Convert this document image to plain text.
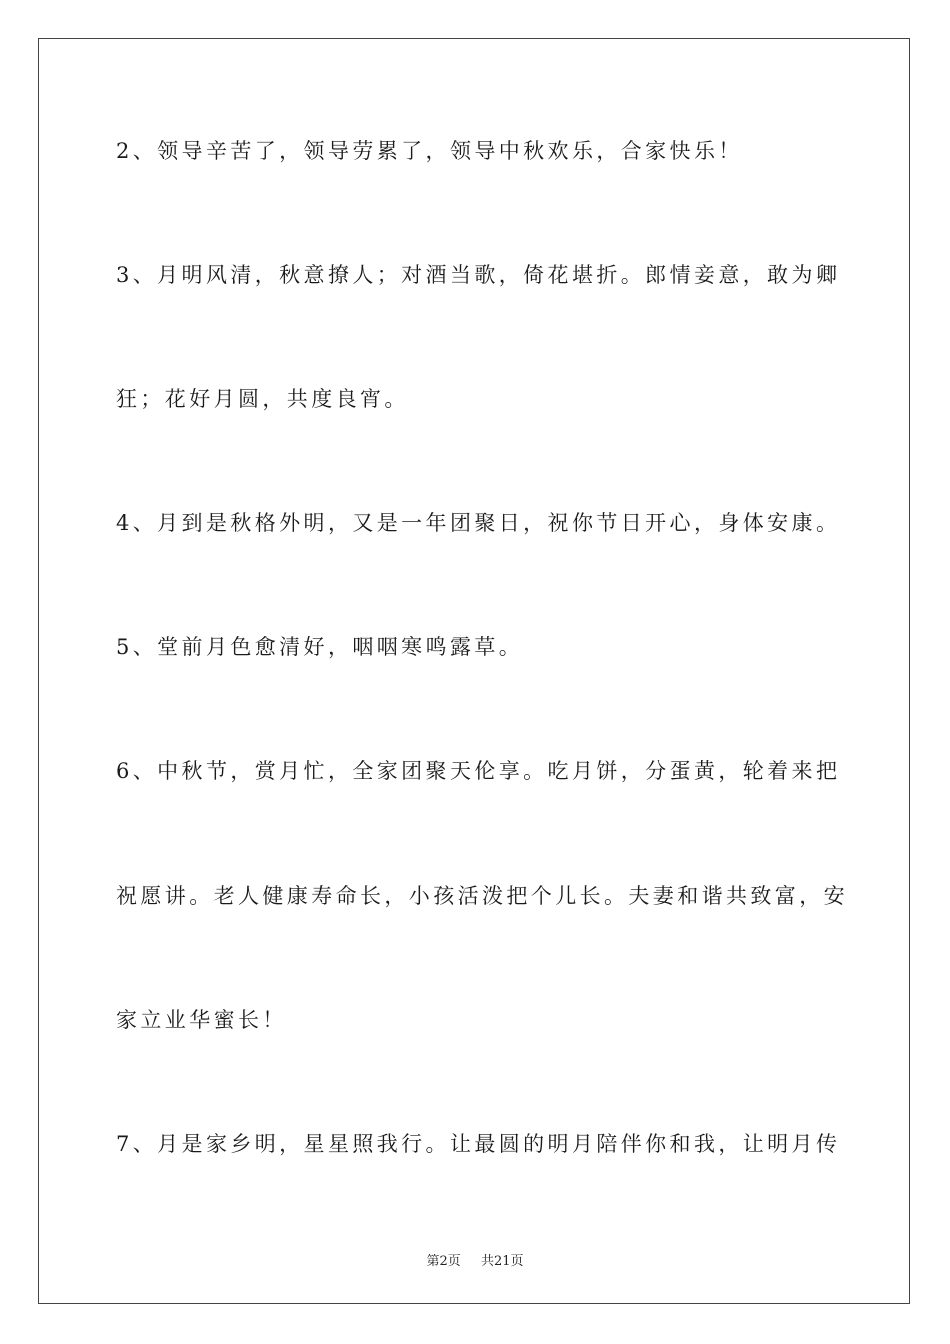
2、领导辛苦了，领导劳累了，领导中秋欢乐，合家快乐！
3、月明风清，秋意撩人；对酒当歌，倚花堪折。郎情妾意，敢为卿
狂；花好月圆，共度良宵。
4、月到是秋格外明，又是一年团聚日，祝你节日开心，身体安康。
5、堂前月色愈清好，咽咽寒鸣露草。
6、中秋节，赏月忙，全家团聚天伦享。吃月饼，分蛋黄，轮着来把
祝愿讲。老人健康寿命长，小孩活泼把个儿长。夫妻和谐共致富，安
家立业华蜜长！
7、月是家乡明，星星照我行。让最圆的明月陪伴你和我，让明月传
第2页 共21页
